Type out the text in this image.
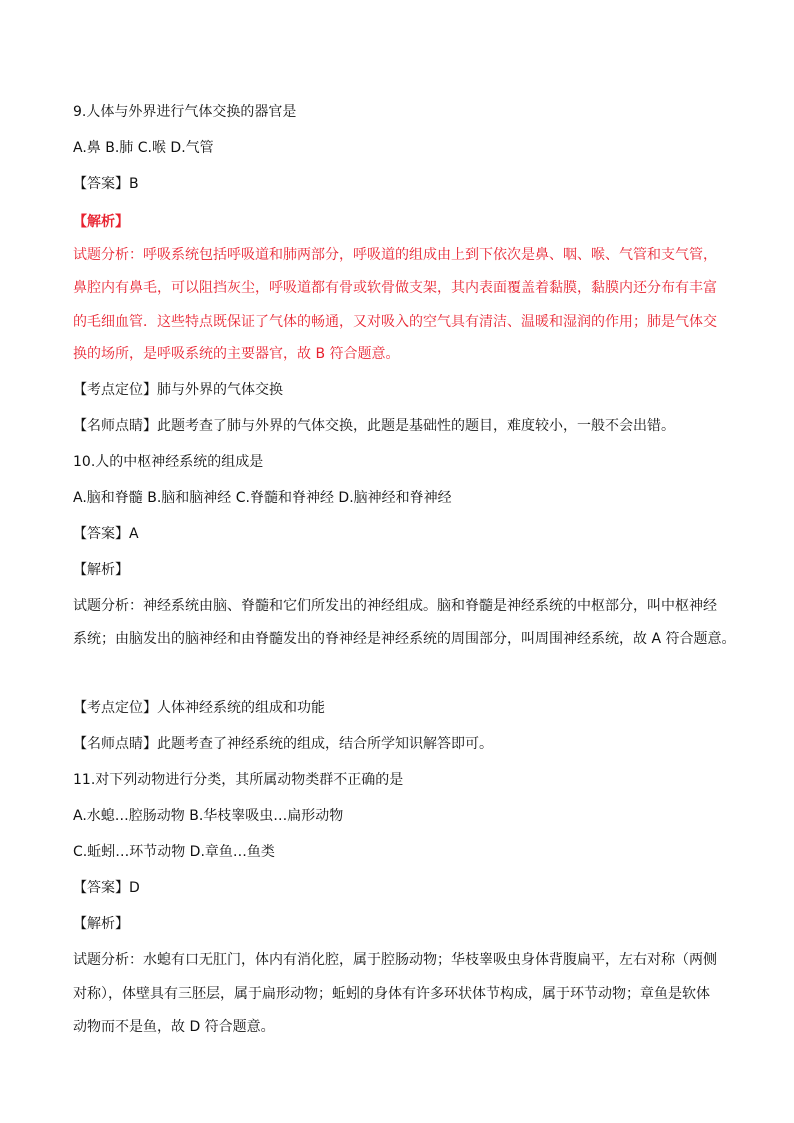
9.人体与外界进行气体交换的器官是
A.鼻 B.肺 C.喉 D.气管
【答案】B
【解析】
试题分析：呼吸系统包括呼吸道和肺两部分，呼吸道的组成由上到下依次是鼻、咽、喉、气管和支气管，
鼻腔内有鼻毛，可以阻挡灰尘，呼吸道都有骨或软骨做支架，其内表面覆盖着黏膜，黏膜内还分布有丰富
的毛细血管．这些特点既保证了气体的畅通，又对吸入的空气具有清洁、温暖和湿润的作用；肺是气体交
换的场所，是呼吸系统的主要器官，故 B 符合题意。
【考点定位】肺与外界的气体交换
【名师点睛】此题考查了肺与外界的气体交换，此题是基础性的题目，难度较小，一般不会出错。
10.人的中枢神经系统的组成是
A.脑和脊髓 B.脑和脑神经 C.脊髓和脊神经 D.脑神经和脊神经
【答案】A
【解析】
试题分析：神经系统由脑、脊髓和它们所发出的神经组成。脑和脊髓是神经系统的中枢部分，叫中枢神经
系统；由脑发出的脑神经和由脊髓发出的脊神经是神经系统的周围部分，叫周围神经系统，故 A 符合题意。
【考点定位】人体神经系统的组成和功能
【名师点睛】此题考查了神经系统的组成，结合所学知识解答即可。
11.对下列动物进行分类，其所属动物类群不正确的是
A.水螅…腔肠动物 B.华枝睾吸虫…扁形动物
C.蚯蚓…环节动物 D.章鱼…鱼类
【答案】D
【解析】
试题分析：水螅有口无肛门，体内有消化腔，属于腔肠动物；华枝睾吸虫身体背腹扁平，左右对称（两侧
对称），体壁具有三胚层，属于扁形动物；蚯蚓的身体有许多环状体节构成，属于环节动物；章鱼是软体
动物而不是鱼，故 D 符合题意。
